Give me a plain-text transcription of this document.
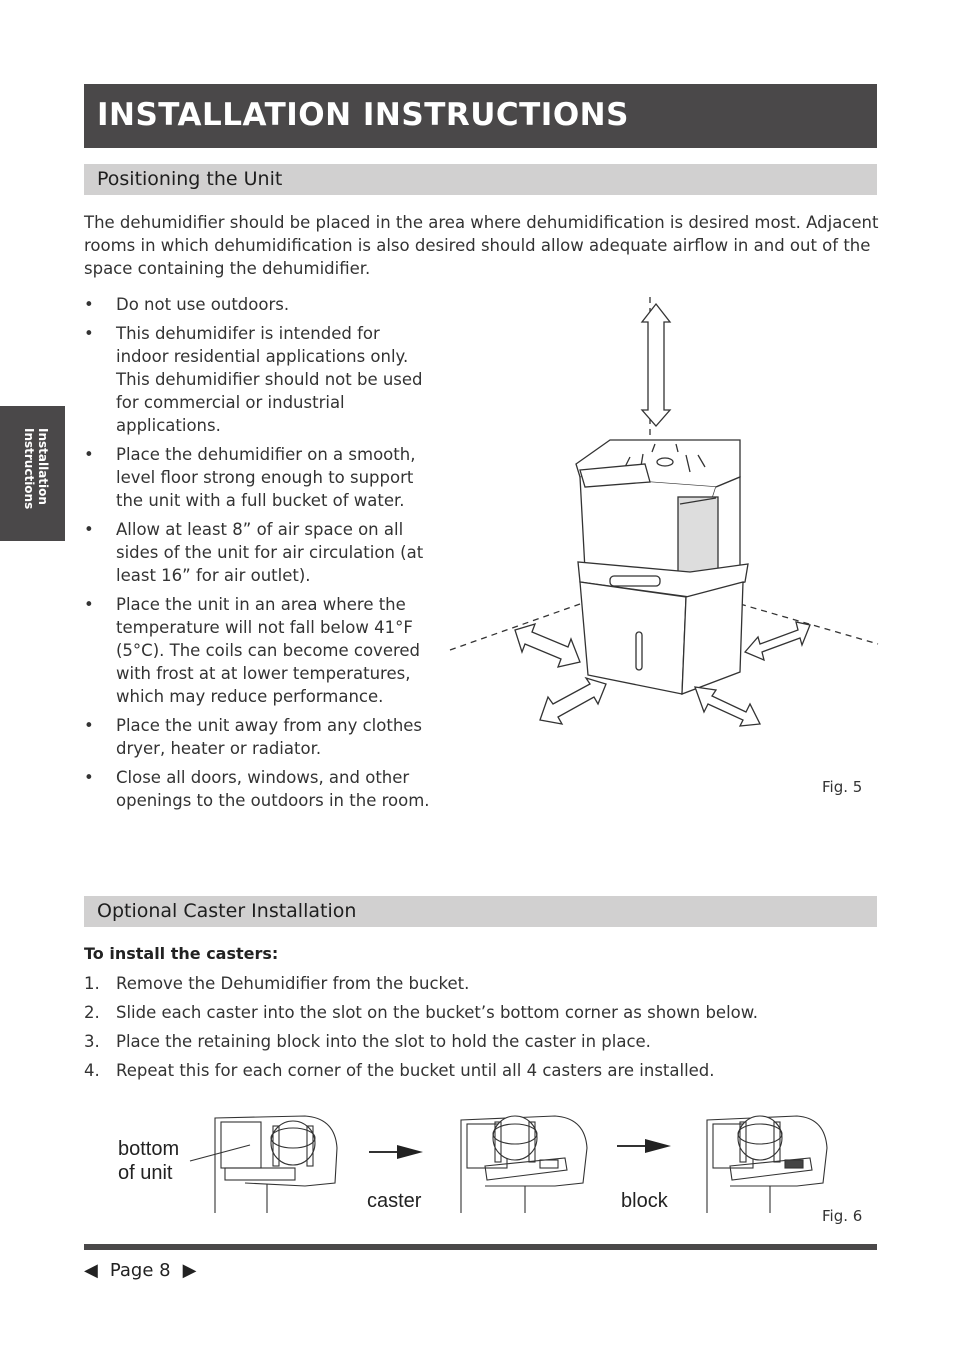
INSTALLATION INSTRUCTIONS
Installation
Instructions
Positioning the Unit

The dehumidifier should be placed in the area where dehumidification is desired most. Adjacent rooms in which dehumidification is also desired should allow adequate airflow in and out of the space containing the dehumidifier.

• Do not use outdoors.
• This dehumidifer is intended for indoor residential applications only. This dehumidifier should not be used for commercial or industrial applications.
• Place the dehumidifier on a smooth, level floor strong enough to support the unit with a full bucket of water.
• Allow at least 8” of air space on all sides of the unit for air circulation (at least 16” for air outlet).
• Place the unit in an area where the temperature will not fall below 41°F (5°C). The coils can become covered with frost at at lower temperatures, which may reduce performance.
• Place the unit away from any clothes dryer, heater or radiator.
• Close all doors, windows, and other openings to the outdoors in the room.
Fig. 5
Optional Caster Installation

To install the casters:

1. Remove the Dehumidifier from the bucket.
2. Slide each caster into the slot on the bucket’s bottom corner as shown below.
3. Place the retaining block into the slot to hold the caster in place.
4. Repeat this for each corner of the bucket until all 4 casters are installed.
bottom
of unit
caster	block
Fig. 6
◀ Page 8 ▶
